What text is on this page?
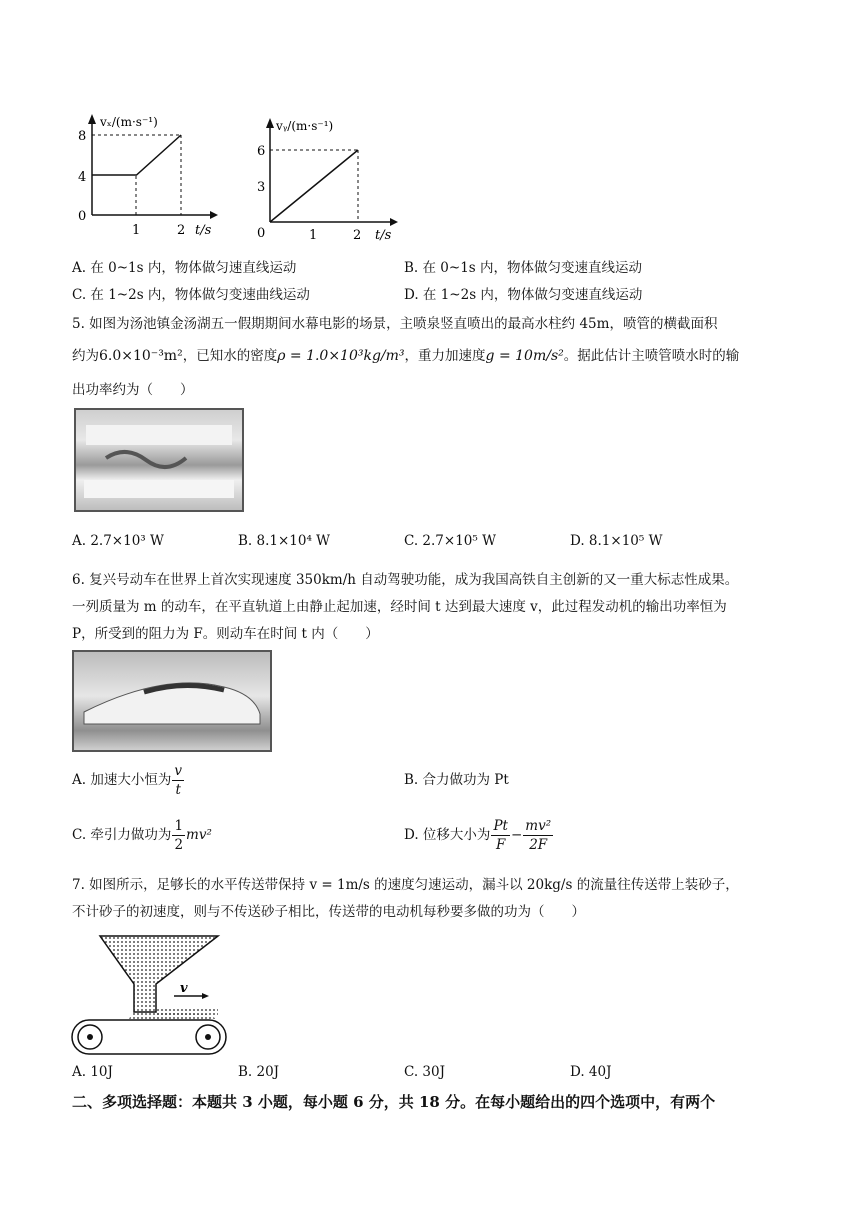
vₓ/(m·s⁻¹)
8
4
0
1	2 t/s
vᵧ/(m·s⁻¹)
6
3
0	1	2 t/s
A. 在 0~1s 内，物体做匀速直线运动	B. 在 0~1s 内，物体做匀变速直线运动
C. 在 1~2s 内，物体做匀变速曲线运动	D. 在 1~2s 内，物体做匀变速直线运动
5. 如图为汤池镇金汤湖五一假期期间水幕电影的场景，主喷泉竖直喷出的最高水柱约 45m，喷管的横截面积
约为6.0×10⁻³m²，已知水的密度ρ = 1.0×10³kg/m³，重力加速度g = 10m/s²。据此估计主喷管喷水时的输
出功率约为（　　）
A. 2.7×10³ W	B. 8.1×10⁴ W	C. 2.7×10⁵ W	D. 8.1×10⁵ W
6. 复兴号动车在世界上首次实现速度 350km/h 自动驾驶功能，成为我国高铁自主创新的又一重大标志性成果。
一列质量为 m 的动车，在平直轨道上由静止起加速，经时间 t 达到最大速度 v，此过程发动机的输出功率恒为
P，所受到的阻力为 F。则动车在时间 t 内（　　）
A. 加速大小恒为 $\frac{v}{t}$	B. 合力做功为 Pt
C. 牵引力做功为 $\frac{1}{2} mv^2$	D. 位移大小为 $\frac{Pt}{F} - \frac{\text{mv²}}{2F}$
7. 如图所示，足够长的水平传送带保持 v = 1m/s 的速度匀速运动，漏斗以 20kg/s 的流量往传送带上装砂子，
不计砂子的初速度，则与不传送砂子相比，传送带的电动机每秒要多做的功为（　　）
v
A. 10J	B. 20J	C. 30J	D. 40J
二、多项选择题：本题共 3 小题，每小题 6 分，共 18 分。在每小题给出的四个选项中，有两个
